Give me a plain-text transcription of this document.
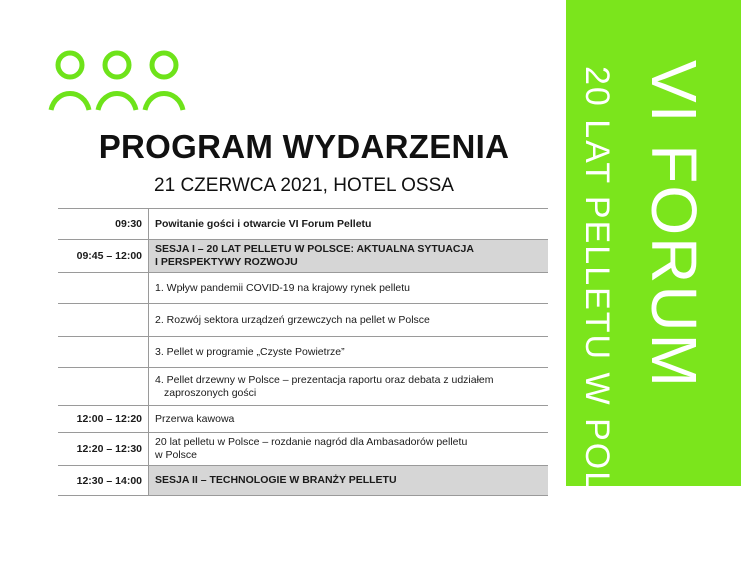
VI FORUM
20 LAT PELLETU W POLSCE
PROGRAM WYDARZENIA
21 CZERWCA 2021, HOTEL OSSA
09:30	Powitanie gości i otwarcie VI Forum Pelletu
09:45 – 12:00	SESJA I – 20 LAT PELLETU W POLSCE: AKTUALNA SYTUACJA
I PERSPEKTYWY ROZWOJU
	1. Wpływ pandemii COVID-19 na krajowy rynek pelletu
	2. Rozwój sektora urządzeń grzewczych na pellet w Polsce
	3. Pellet w programie „Czyste Powietrze”
	4. Pellet drzewny w Polsce – prezentacja raportu oraz debata z udziałem
zaproszonych gości
12:00 – 12:20	Przerwa kawowa
12:20 – 12:30	20 lat pelletu w Polsce – rozdanie nagród dla Ambasadorów pelletu
w Polsce
12:30 – 14:00	SESJA II – TECHNOLOGIE W BRANŻY PELLETU
